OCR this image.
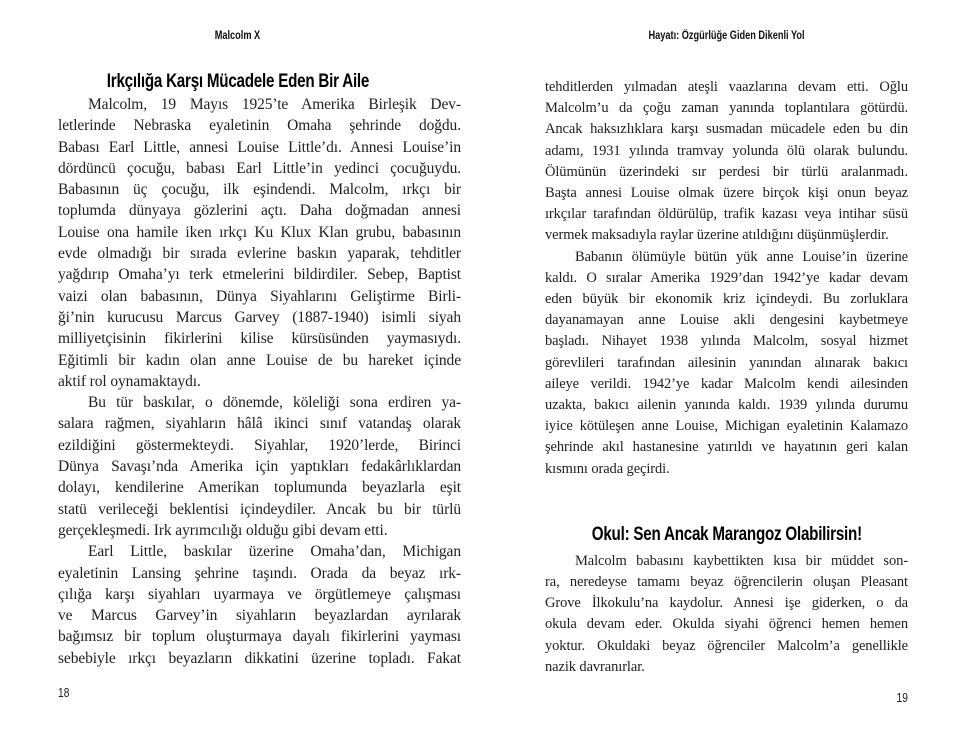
Malcolm X
Irkçılığa Karşı Mücadele Eden Bir Aile
Malcolm, 19 Mayıs 1925’te Amerika Birleşik Dev-
letlerinde Nebraska eyaletinin Omaha şehrinde doğdu.
Babası Earl Little, annesi Louise Little’dı. Annesi Louise’in
dördüncü çocuğu, babası Earl Little’in yedinci çocuğuydu.
Babasının üç çocuğu, ilk eşindendi. Malcolm, ırkçı bir
toplumda dünyaya gözlerini açtı. Daha doğmadan annesi
Louise ona hamile iken ırkçı Ku Klux Klan grubu, babasının
evde olmadığı bir sırada evlerine baskın yaparak, tehditler
yağdırıp Omaha’yı terk etmelerini bildirdiler. Sebep, Baptist
vaizi olan babasının, Dünya Siyahlarını Geliştirme Birli-
ği’nin kurucusu Marcus Garvey (1887-1940) isimli siyah
milliyetçisinin fikirlerini kilise kürsüsünden yaymasıydı.
Eğitimli bir kadın olan anne Louise de bu hareket içinde
aktif rol oynamaktaydı.
Bu tür baskılar, o dönemde, köleliği sona erdiren ya-
salara rağmen, siyahların hâlâ ikinci sınıf vatandaş olarak
ezildiğini göstermekteydi. Siyahlar, 1920’lerde, Birinci
Dünya Savaşı’nda Amerika için yaptıkları fedakârlıklardan
dolayı, kendilerine Amerikan toplumunda beyazlarla eşit
statü verileceği beklentisi içindeydiler. Ancak bu bir türlü
gerçekleşmedi. Irk ayrımcılığı olduğu gibi devam etti.
Earl Little, baskılar üzerine Omaha’dan, Michigan
eyaletinin Lansing şehrine taşındı. Orada da beyaz ırk-
çılığa karşı siyahları uyarmaya ve örgütlemeye çalışması
ve Marcus Garvey’in siyahların beyazlardan ayrılarak
bağımsız bir toplum oluşturmaya dayalı fikirlerini yayması
sebebiyle ırkçı beyazların dikkatini üzerine topladı. Fakat
18
Hayatı: Özgürlüğe Giden Dikenli Yol
tehditlerden yılmadan ateşli vaazlarına devam etti. Oğlu
Malcolm’u da çoğu zaman yanında toplantılara götürdü.
Ancak haksızlıklara karşı susmadan mücadele eden bu din
adamı, 1931 yılında tramvay yolunda ölü olarak bulundu.
Ölümünün üzerindeki sır perdesi bir türlü aralanmadı.
Başta annesi Louise olmak üzere birçok kişi onun beyaz
ırkçılar tarafından öldürülüp, trafik kazası veya intihar süsü
vermek maksadıyla raylar üzerine atıldığını düşünmüşlerdir.
Babanın ölümüyle bütün yük anne Louise’in üzerine
kaldı. O sıralar Amerika 1929’dan 1942’ye kadar devam
eden büyük bir ekonomik kriz içindeydi. Bu zorluklara
dayanamayan anne Louise akli dengesini kaybetmeye
başladı. Nihayet 1938 yılında Malcolm, sosyal hizmet
görevlileri tarafından ailesinin yanından alınarak bakıcı
aileye verildi. 1942’ye kadar Malcolm kendi ailesinden
uzakta, bakıcı ailenin yanında kaldı. 1939 yılında durumu
iyice kötüleşen anne Louise, Michigan eyaletinin Kalamazo
şehrinde akıl hastanesine yatırıldı ve hayatının geri kalan
kısmını orada geçirdi.
Okul: Sen Ancak Marangoz Olabilirsin!
Malcolm babasını kaybettikten kısa bir müddet son-
ra, neredeyse tamamı beyaz öğrencilerin oluşan Pleasant
Grove İlkokulu’na kaydolur. Annesi işe giderken, o da
okula devam eder. Okulda siyahi öğrenci hemen hemen
yoktur. Okuldaki beyaz öğrenciler Malcolm’a genellikle
nazik davranırlar.
19
